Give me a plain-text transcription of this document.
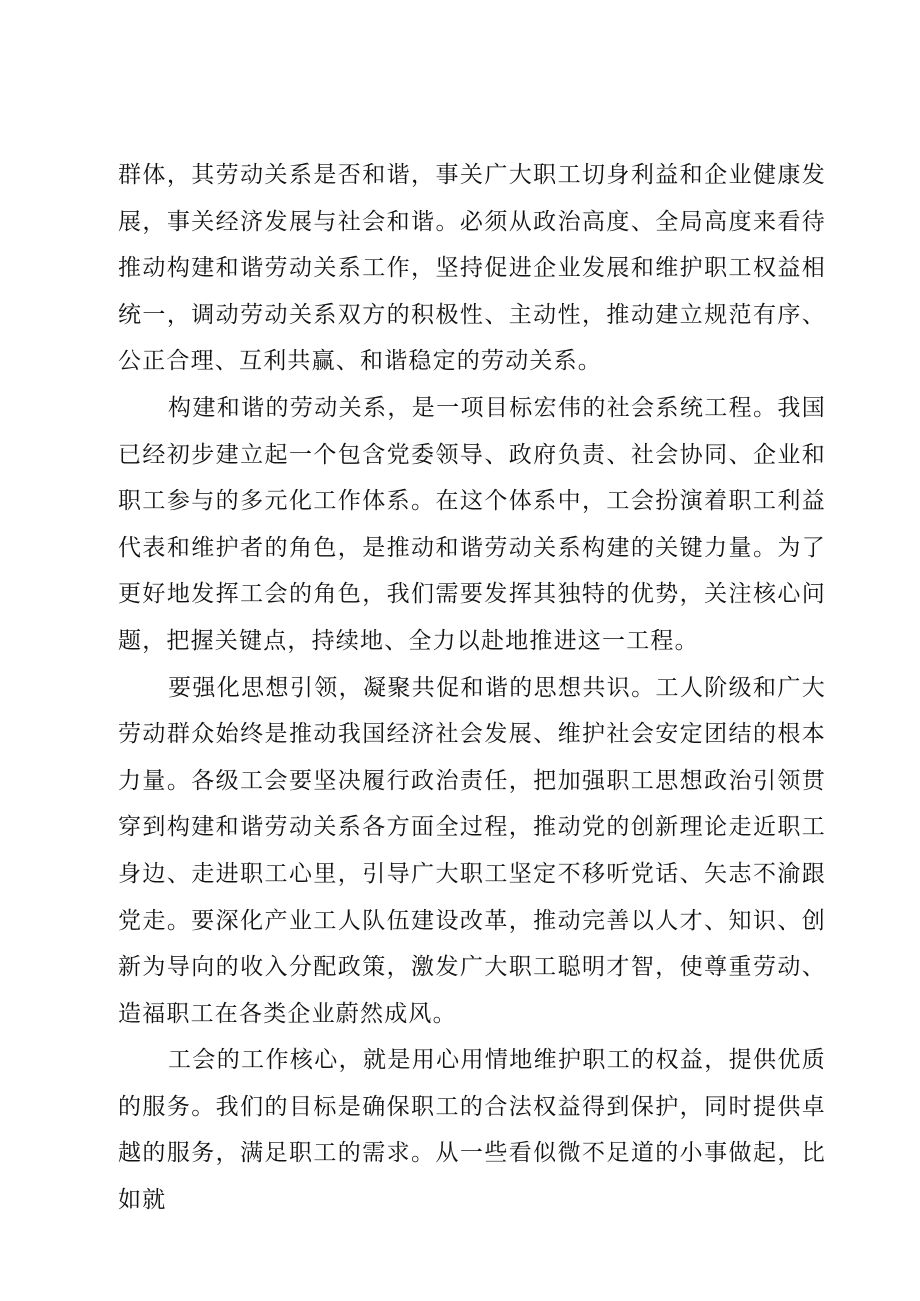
群体，其劳动关系是否和谐，事关广大职工切身利益和企业健康发展，事关经济发展与社会和谐。必须从政治高度、全局高度来看待推动构建和谐劳动关系工作，坚持促进企业发展和维护职工权益相统一，调动劳动关系双方的积极性、主动性，推动建立规范有序、公正合理、互利共赢、和谐稳定的劳动关系。

构建和谐的劳动关系，是一项目标宏伟的社会系统工程。我国已经初步建立起一个包含党委领导、政府负责、社会协同、企业和职工参与的多元化工作体系。在这个体系中，工会扮演着职工利益代表和维护者的角色，是推动和谐劳动关系构建的关键力量。为了更好地发挥工会的角色，我们需要发挥其独特的优势，关注核心问题，把握关键点，持续地、全力以赴地推进这一工程。

要强化思想引领，凝聚共促和谐的思想共识。工人阶级和广大劳动群众始终是推动我国经济社会发展、维护社会安定团结的根本力量。各级工会要坚决履行政治责任，把加强职工思想政治引领贯穿到构建和谐劳动关系各方面全过程，推动党的创新理论走近职工身边、走进职工心里，引导广大职工坚定不移听党话、矢志不渝跟党走。要深化产业工人队伍建设改革，推动完善以人才、知识、创新为导向的收入分配政策，激发广大职工聪明才智，使尊重劳动、造福职工在各类企业蔚然成风。

工会的工作核心，就是用心用情地维护职工的权益，提供优质的服务。我们的目标是确保职工的合法权益得到保护，同时提供卓越的服务，满足职工的需求。从一些看似微不足道的小事做起，比如就
